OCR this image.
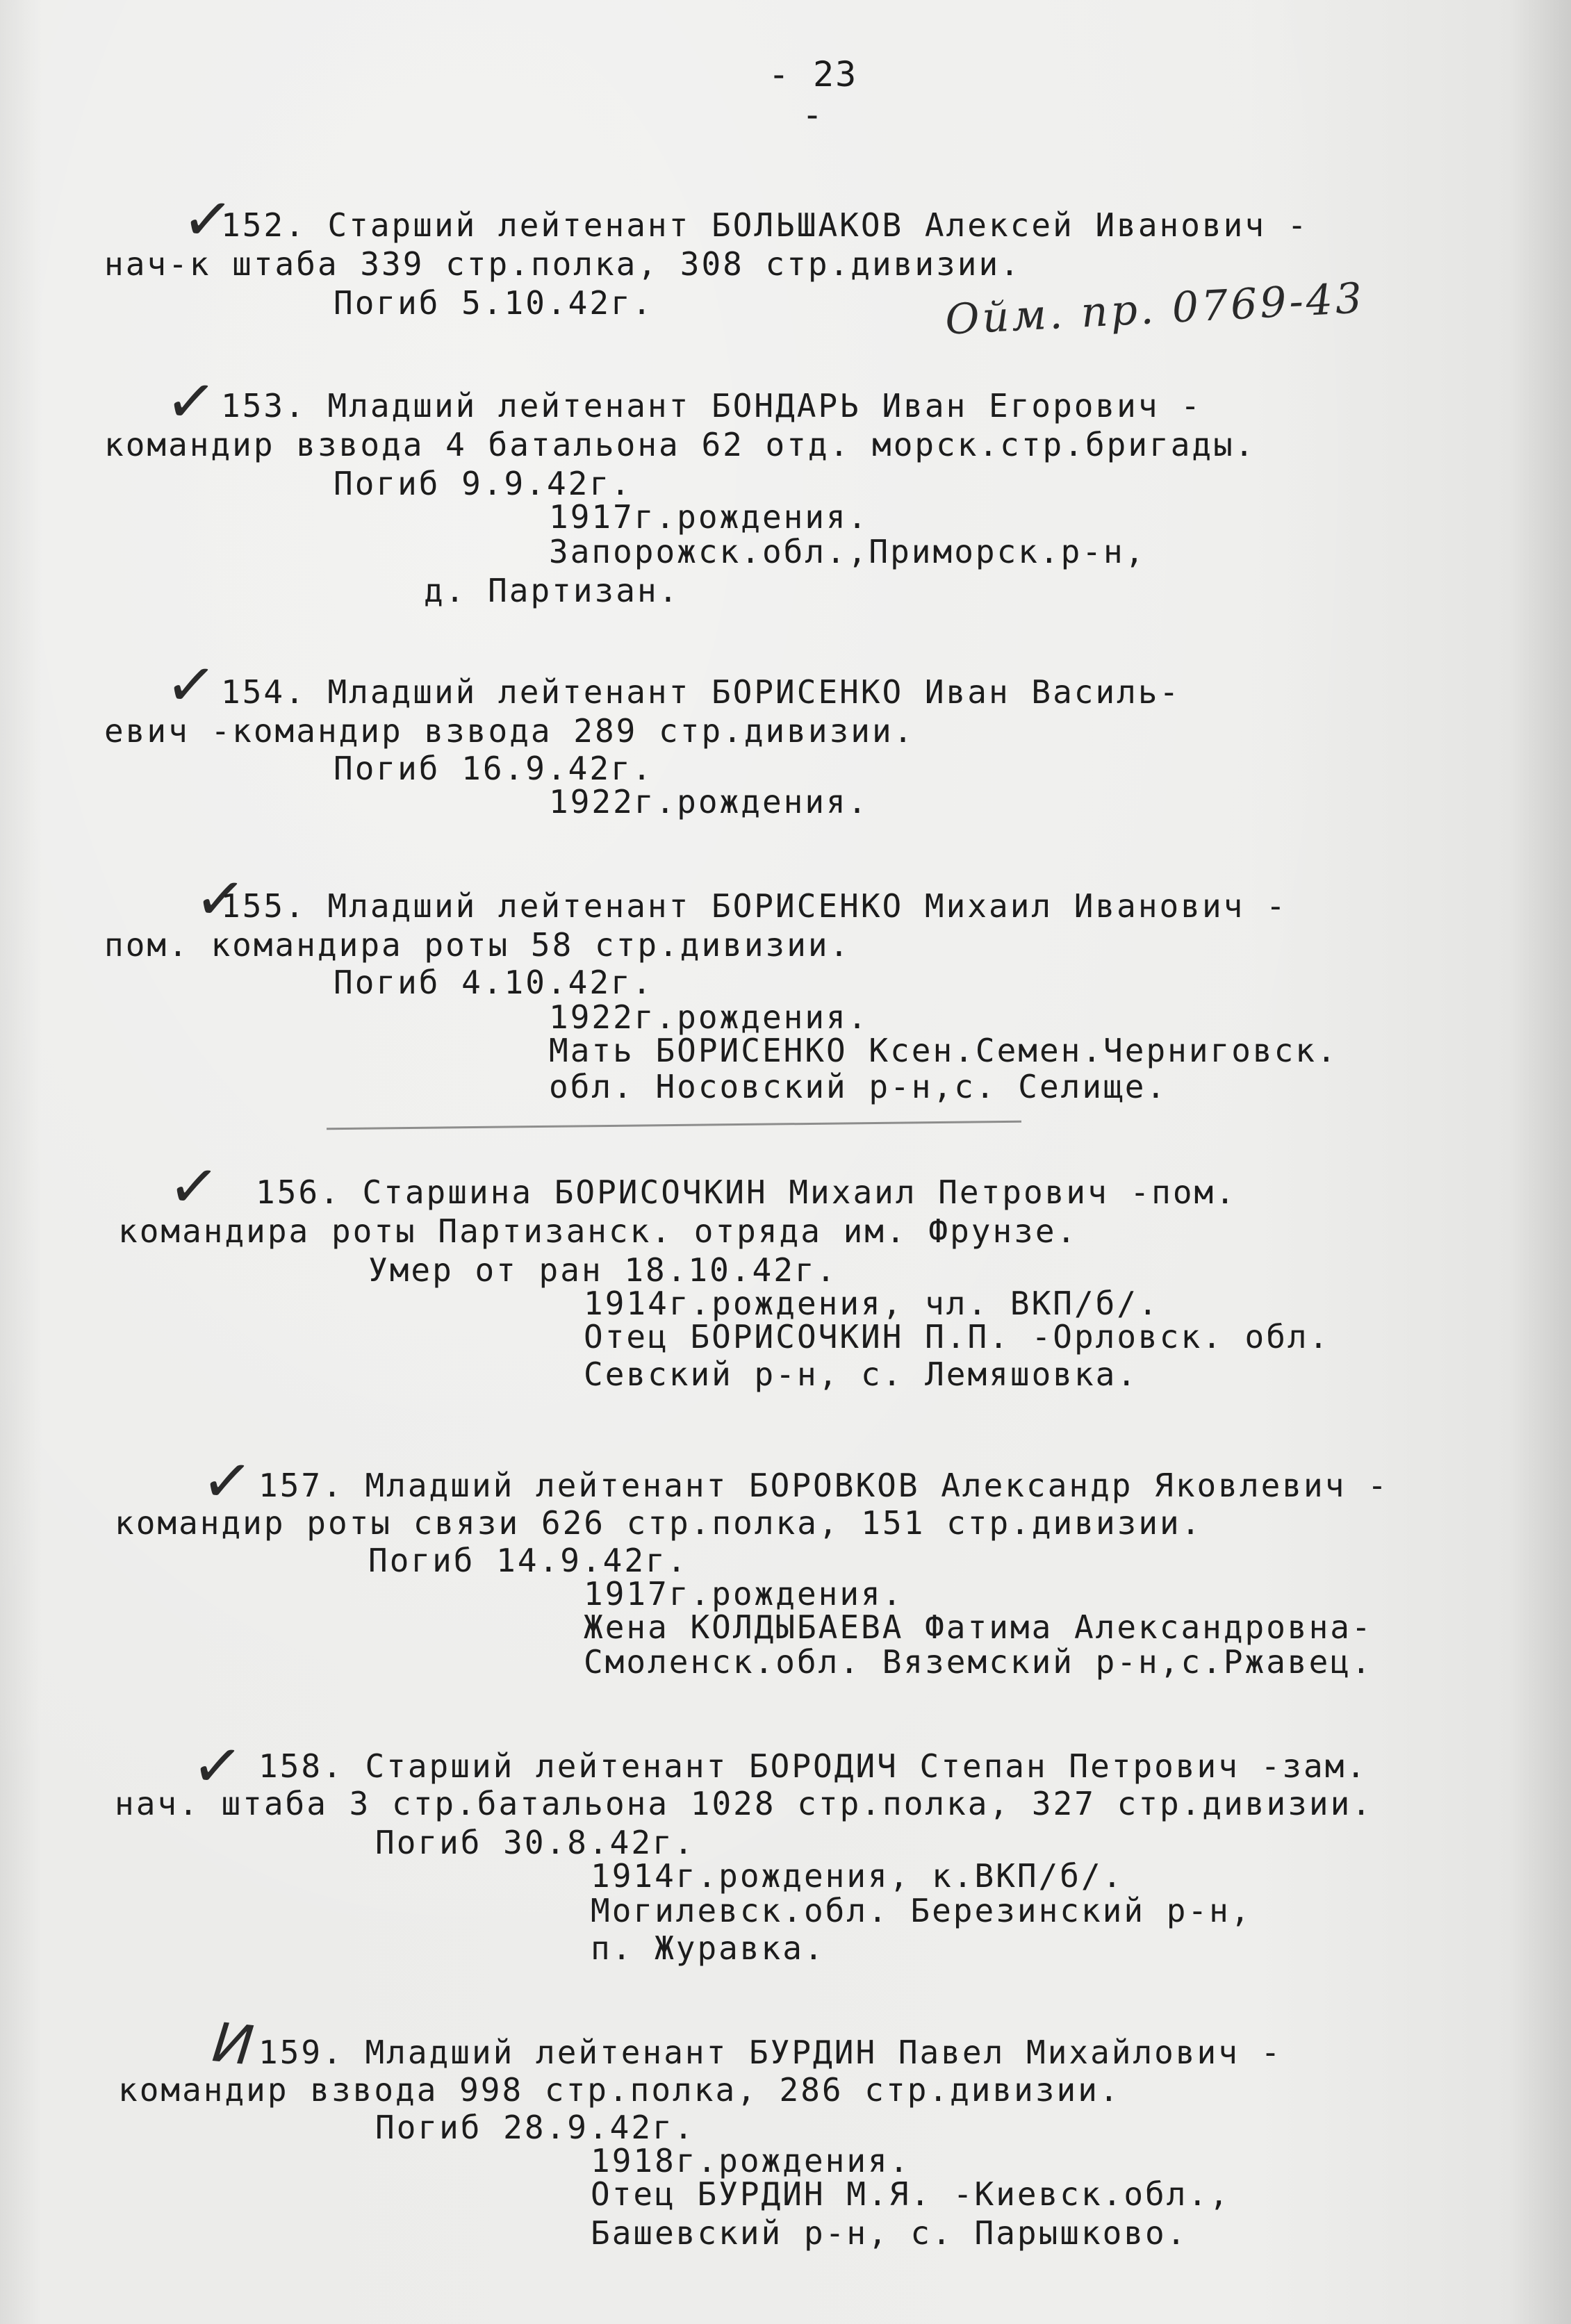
- 23 -
✓
152. Старший лейтенант БОЛЬШАКОВ Алексей Иванович -
нач-к штаба 339 стр.полка, 308 стр.дивизии.
Погиб 5.10.42г.	Ойм. пр. 0769-43
✓ 153. Младший лейтенант БОНДАРЬ Иван Егорович -
командир взвода 4 батальона 62 отд. морск.стр.бригады.
Погиб 9.9.42г.
1917г.рождения.
Запорожск.обл.,Приморск.р-н,
д. Партизан.
✓ 154. Младший лейтенант БОРИСЕНКО Иван Василь-
евич -командир взвода 289 стр.дивизии.
Погиб 16.9.42г.
1922г.рождения.
✓
155. Младший лейтенант БОРИСЕНКО Михаил Иванович -
пом. командира роты 58 стр.дивизии.
Погиб 4.10.42г.
1922г.рождения.
Мать БОРИСЕНКО Ксен.Семен.Черниговск.
обл. Носовский р-н,с. Селище.
✓ 156. Старшина БОРИСОЧКИН Михаил Петрович -пом.
командира роты Партизанск. отряда им. Фрунзе.
Умер от ран 18.10.42г.
1914г.рождения, чл. ВКП/б/.
Отец БОРИСОЧКИН П.П. -Орловск. обл.
Севский р-н, с. Лемяшовка.
✓ 157. Младший лейтенант БОРОВКОВ Александр Яковлевич -
командир роты связи 626 стр.полка, 151 стр.дивизии.
Погиб 14.9.42г.
1917г.рождения.
Жена КОЛДЫБАЕВА Фатима Александровна-
Смоленск.обл. Вяземский р-н,с.Ржавец.
✓ 158. Старший лейтенант БОРОДИЧ Степан Петрович -зам.
нач. штаба 3 стр.батальона 1028 стр.полка, 327 стр.дивизии.
Погиб 30.8.42г.
1914г.рождения, к.ВКП/б/.
Могилевск.обл. Березинский р-н,
п. Журавка.
И 159. Младший лейтенант БУРДИН Павел Михайлович -
командир взвода 998 стр.полка, 286 стр.дивизии.
Погиб 28.9.42г.
1918г.рождения.
Отец БУРДИН М.Я. -Киевск.обл.,
Башевский р-н, с. Парышково.
